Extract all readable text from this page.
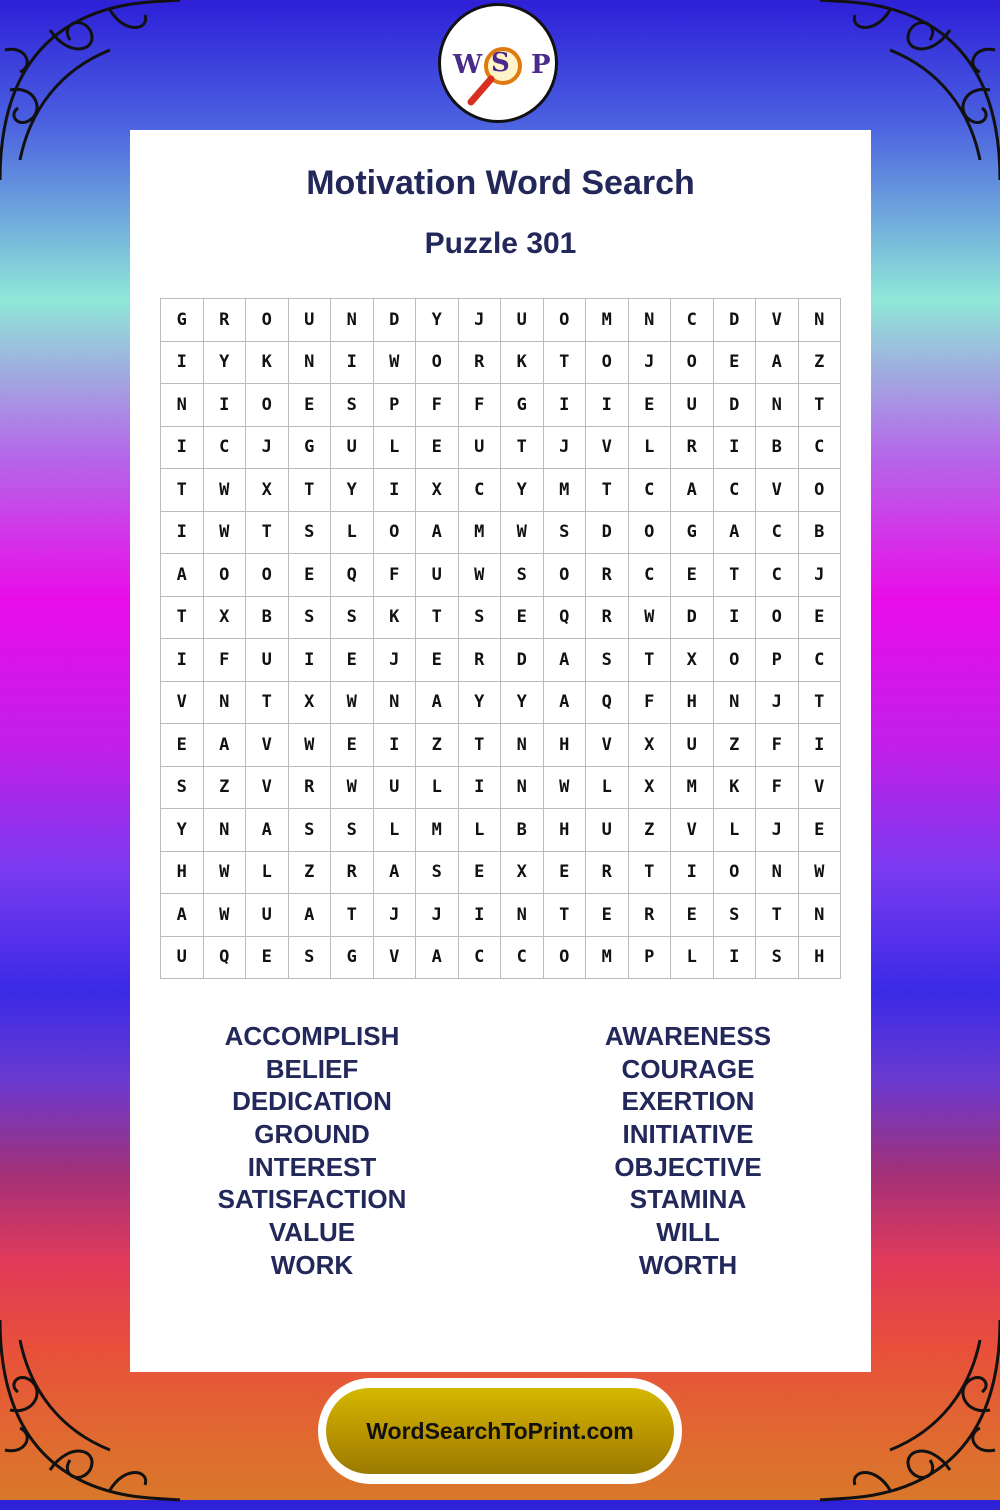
W S P
Motivation Word Search
Puzzle 301
G	R	O	U	N	D	Y	J	U	O	M	N	C	D	V	N
I	Y	K	N	I	W	O	R	K	T	O	J	O	E	A	Z
N	I	O	E	S	P	F	F	G	I	I	E	U	D	N	T
I	C	J	G	U	L	E	U	T	J	V	L	R	I	B	C
T	W	X	T	Y	I	X	C	Y	M	T	C	A	C	V	O
I	W	T	S	L	O	A	M	W	S	D	O	G	A	C	B
A	O	O	E	Q	F	U	W	S	O	R	C	E	T	C	J
T	X	B	S	S	K	T	S	E	Q	R	W	D	I	O	E
I	F	U	I	E	J	E	R	D	A	S	T	X	O	P	C
V	N	T	X	W	N	A	Y	Y	A	Q	F	H	N	J	T
E	A	V	W	E	I	Z	T	N	H	V	X	U	Z	F	I
S	Z	V	R	W	U	L	I	N	W	L	X	M	K	F	V
Y	N	A	S	S	L	M	L	B	H	U	Z	V	L	J	E
H	W	L	Z	R	A	S	E	X	E	R	T	I	O	N	W
A	W	U	A	T	J	J	I	N	T	E	R	E	S	T	N
U	Q	E	S	G	V	A	C	C	O	M	P	L	I	S	H
ACCOMPLISH
BELIEF
DEDICATION
GROUND
INTEREST
SATISFACTION
VALUE
WORK
AWARENESS
COURAGE
EXERTION
INITIATIVE
OBJECTIVE
STAMINA
WILL
WORTH
WordSearchToPrint.com
